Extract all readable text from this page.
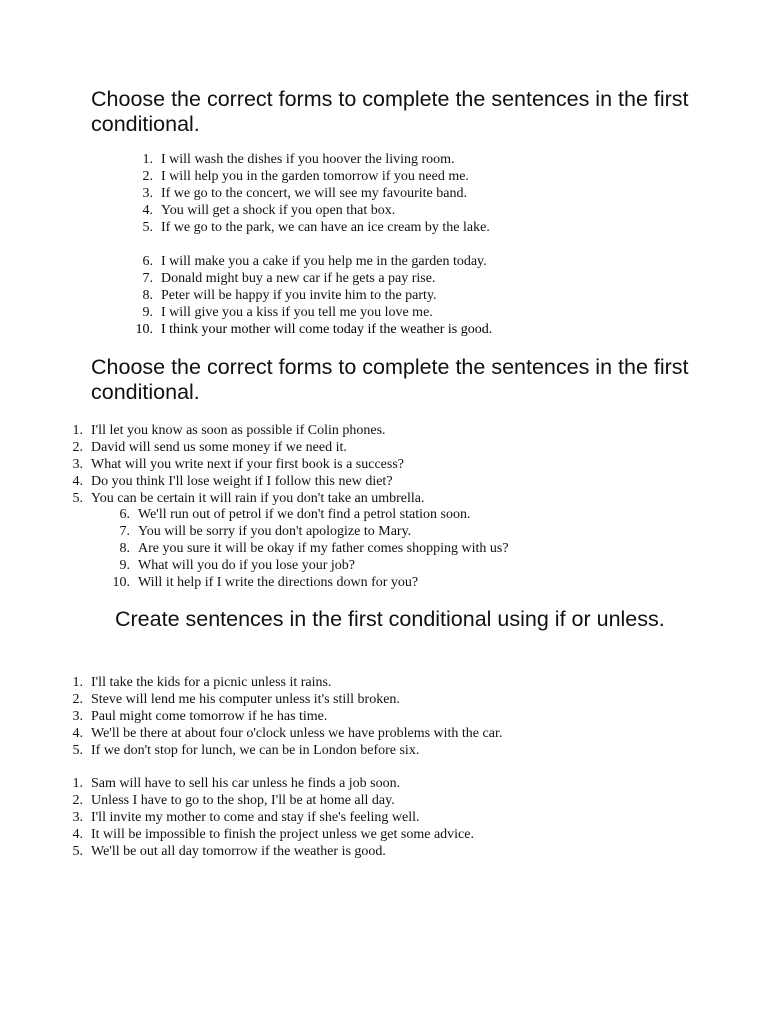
Choose the correct forms to complete the sentences in the first conditional.
1. I will wash the dishes if you hoover the living room.
2. I will help you in the garden tomorrow if you need me.
3. If we go to the concert, we will see my favourite band.
4. You will get a shock if you open that box.
5. If we go to the park, we can have an ice cream by the lake.
6. I will make you a cake if you help me in the garden today.
7. Donald might buy a new car if he gets a pay rise.
8. Peter will be happy if you invite him to the party.
9. I will give you a kiss if you tell me you love me.
10. I think your mother will come today if the weather is good.
Choose the correct forms to complete the sentences in the first conditional.
1. I'll let you know as soon as possible if Colin phones.
2. David will send us some money if we need it.
3. What will you write next if your first book is a success?
4. Do you think I'll lose weight if I follow this new diet?
5. You can be certain it will rain if you don't take an umbrella.
6. We'll run out of petrol if we don't find a petrol station soon.
7. You will be sorry if you don't apologize to Mary.
8. Are you sure it will be okay if my father comes shopping with us?
9. What will you do if you lose your job?
10. Will it help if I write the directions down for you?
Create sentences in the first conditional using if or unless.
1. I'll take the kids for a picnic unless it rains.
2. Steve will lend me his computer unless it's still broken.
3. Paul might come tomorrow if he has time.
4. We'll be there at about four o'clock unless we have problems with the car.
5. If we don't stop for lunch, we can be in London before six.
1. Sam will have to sell his car unless he finds a job soon.
2. Unless I have to go to the shop, I'll be at home all day.
3. I'll invite my mother to come and stay if she's feeling well.
4. It will be impossible to finish the project unless we get some advice.
5. We'll be out all day tomorrow if the weather is good.
